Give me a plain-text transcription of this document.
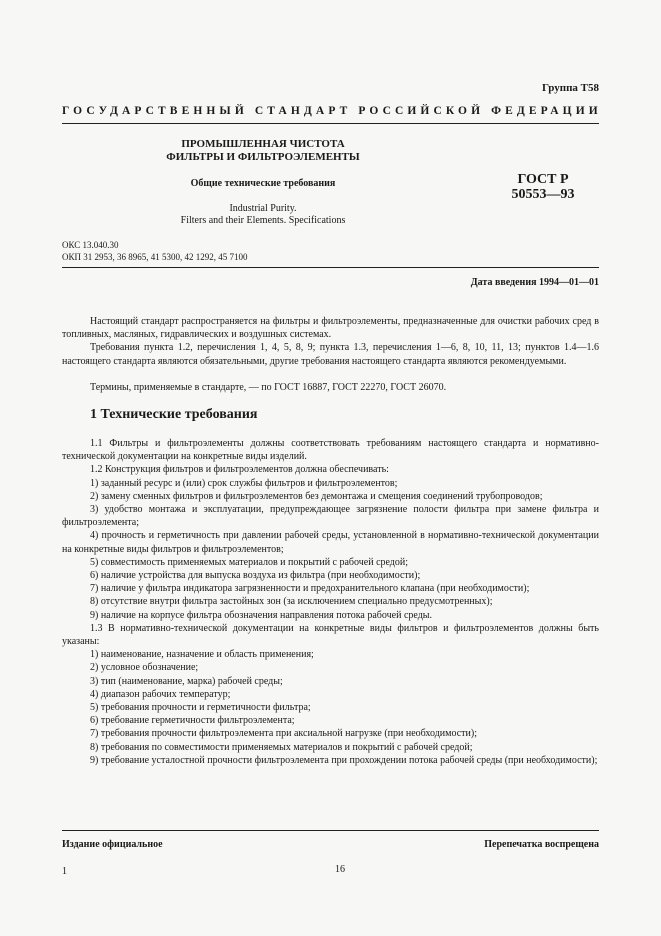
Группа Т58
ГОСУДАРСТВЕННЫЙ СТАНДАРТ РОССИЙСКОЙ ФЕДЕРАЦИИ
ПРОМЫШЛЕННАЯ ЧИСТОТА
ФИЛЬТРЫ И ФИЛЬТРОЭЛЕМЕНТЫ
Общие технические требования
Industrial Purity.
Filters and their Elements. Specifications
ГОСТ Р
50553—93
ОКС 13.040.30
ОКП 31 2953, 36 8965, 41 5300, 42 1292, 45 7100
Дата введения 1994—01—01

Настоящий стандарт распространяется на фильтры и фильтроэлементы, предназначенные для очистки рабочих сред в топливных, масляных, гидравлических и воздушных системах.

Требования пункта 1.2, перечисления 1, 4, 5, 8, 9; пункта 1.3, перечисления 1—6, 8, 10, 11, 13; пунктов 1.4—1.6 настоящего стандарта являются обязательными, другие требования настоящего стандарта являются рекомендуемыми.

Термины, применяемые в стандарте, — по ГОСТ 16887, ГОСТ 22270, ГОСТ 26070.

1 Технические требования

1.1 Фильтры и фильтроэлементы должны соответствовать требованиям настоящего стандарта и нормативно-технической документации на конкретные виды изделий.

1.2 Конструкция фильтров и фильтроэлементов должна обеспечивать:

1) заданный ресурс и (или) срок службы фильтров и фильтроэлементов;

2) замену сменных фильтров и фильтроэлементов без демонтажа и смещения соединений трубопроводов;

3) удобство монтажа и эксплуатации, предупреждающее загрязнение полости фильтра при замене фильтра и фильтроэлемента;

4) прочность и герметичность при давлении рабочей среды, установленной в нормативно-технической документации на конкретные виды фильтров и фильтроэлементов;

5) совместимость применяемых материалов и покрытий с рабочей средой;

6) наличие устройства для выпуска воздуха из фильтра (при необходимости);

7) наличие у фильтра индикатора загрязненности и предохранительного клапана (при необходимости);

8) отсутствие внутри фильтра застойных зон (за исключением специально предусмотренных);

9) наличие на корпусе фильтра обозначения направления потока рабочей среды.

1.3 В нормативно-технической документации на конкретные виды фильтров и фильтроэлементов должны быть указаны:

1) наименование, назначение и область применения;

2) условное обозначение;

3) тип (наименование, марка) рабочей среды;

4) диапазон рабочих температур;

5) требования прочности и герметичности фильтра;

6) требование герметичности фильтроэлемента;

7) требования прочности фильтроэлемента при аксиальной нагрузке (при необходимости);

8) требования по совместимости применяемых материалов и покрытий с рабочей средой;

9) требование усталостной прочности фильтроэлемента при прохождении потока рабочей среды (при необходимости);

Издание официальное	Перепечатка воспрещена
1	16
